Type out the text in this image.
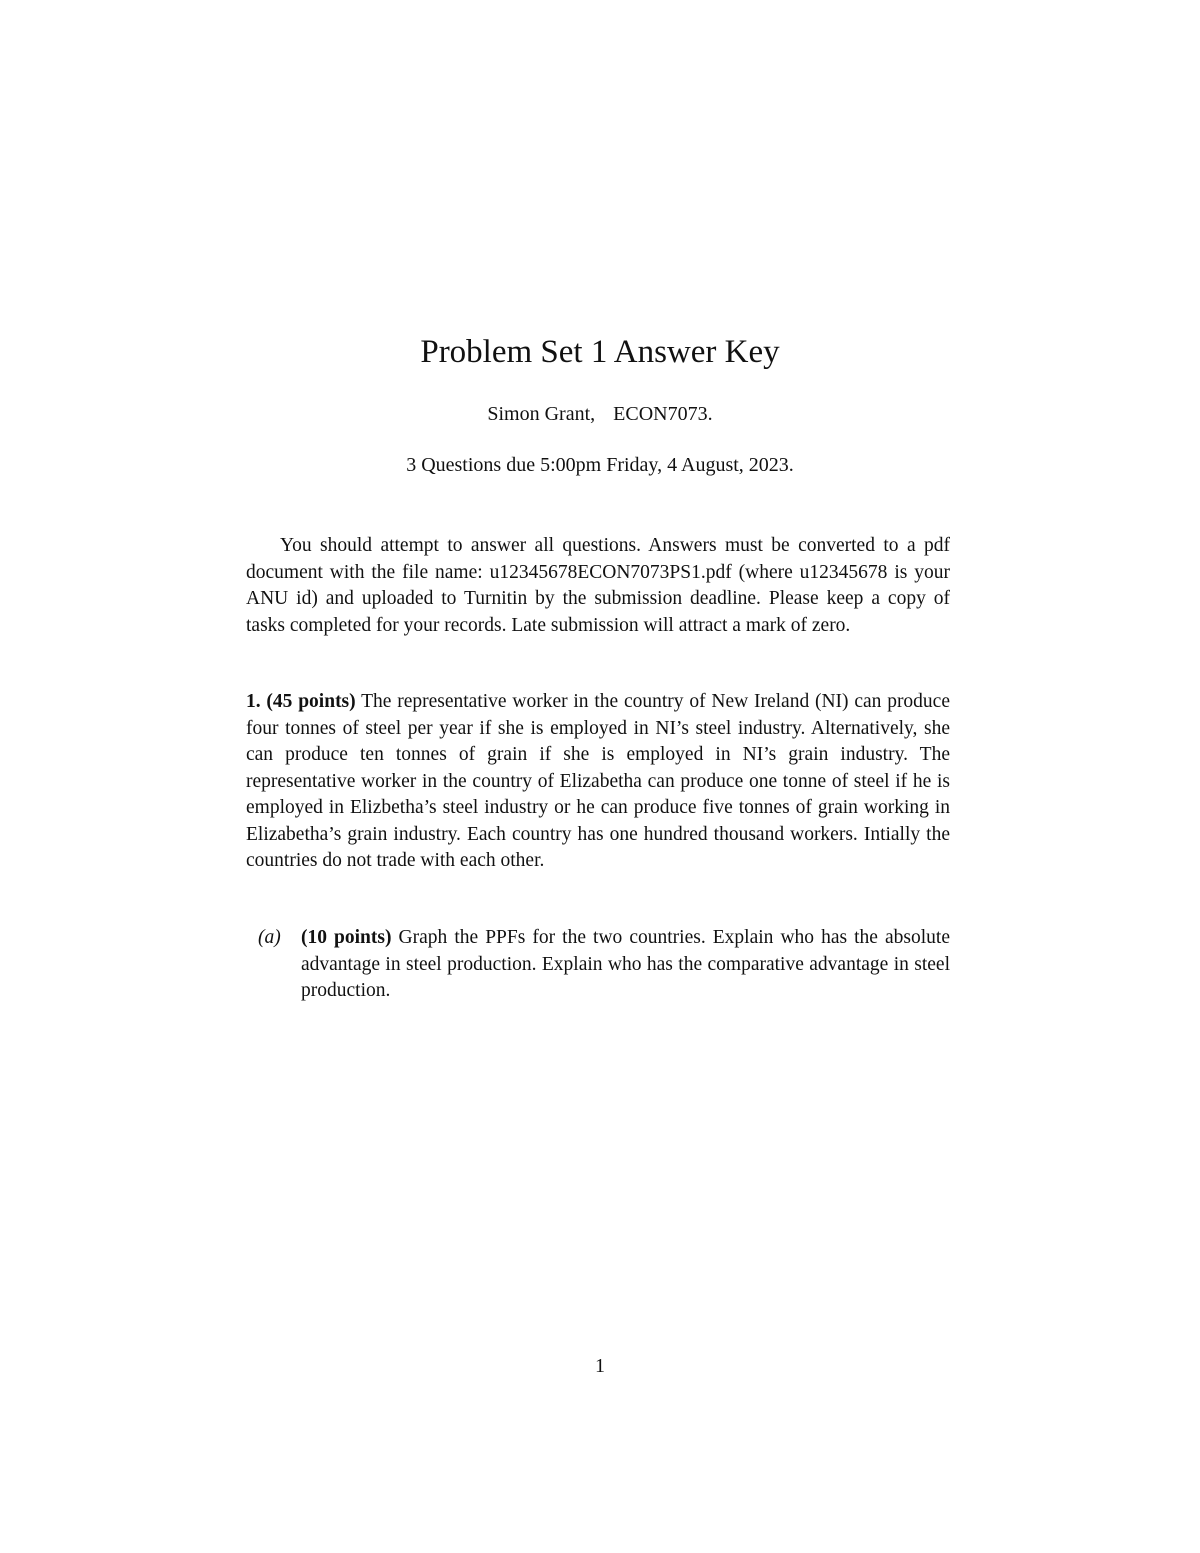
Problem Set 1 Answer Key
Simon Grant, ECON7073.
3 Questions due 5:00pm Friday, 4 August, 2023.
You should attempt to answer all questions. Answers must be converted to a pdf document with the file name: u12345678ECON7073PS1.pdf (where u12345678 is your ANU id) and uploaded to Turnitin by the submission deadline. Please keep a copy of tasks completed for your records. Late submission will attract a mark of zero.
1. (45 points) The representative worker in the country of New Ireland (NI) can produce four tonnes of steel per year if she is employed in NI’s steel industry. Alternatively, she can produce ten tonnes of grain if she is employed in NI’s grain industry. The representative worker in the country of Elizabetha can produce one tonne of steel if he is employed in Elizbetha’s steel industry or he can produce five tonnes of grain working in Elizabetha’s grain industry. Each country has one hundred thousand workers. Intially the countries do not trade with each other.
(a) (10 points) Graph the PPFs for the two countries. Explain who has the absolute advantage in steel production. Explain who has the comparative advantage in steel production.
1
